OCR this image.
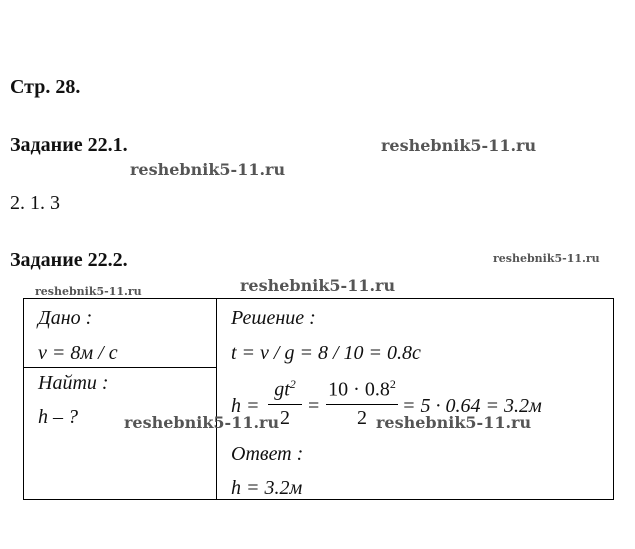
Стр. 28.
Задание 22.1.	reshebnik5-11.ru
reshebnik5-11.ru
2. 1. 3
Задание 22.2.	reshebnik5-11.ru
reshebnik5-11.ru
reshebnik5-11.ru
Дано :
v = 8м / с
Найти :
h – ?
Решение :
t = v / g = 8 / 10 = 0.8с
h =
$gt^2$
2
=
$10 \cdot 0.8^2$
2
= 5 · 0.64 = 3.2м
reshebnik5-11.ru	reshebnik5-11.ru
Ответ :
h = 3.2м
